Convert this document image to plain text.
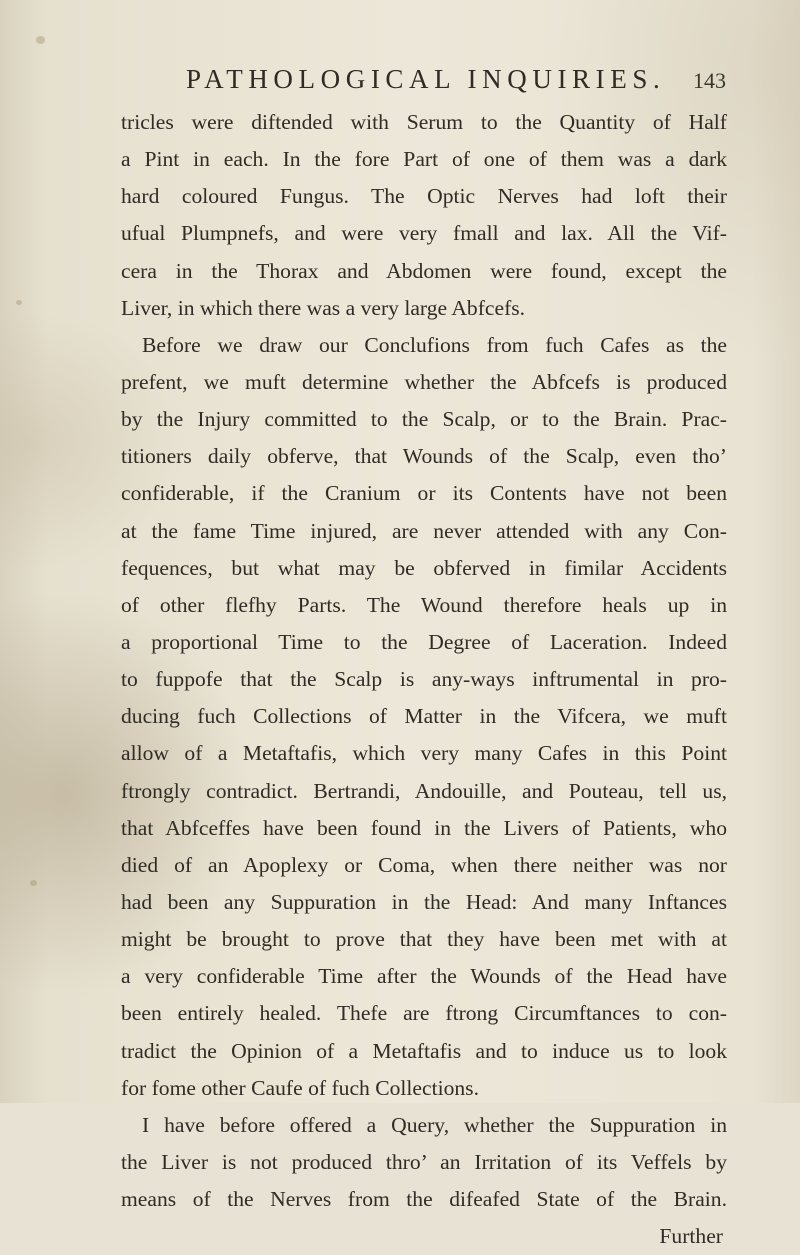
PATHOLOGICAL INQUIRIES. 143
tricles were diftended with Serum to the Quantity of Half
a Pint in each. In the fore Part of one of them was a dark
hard coloured Fungus. The Optic Nerves had loft their
ufual Plumpnefs, and were very fmall and lax. All the Vif-
cera in the Thorax and Abdomen were found, except the
Liver, in which there was a very large Abfcefs.
Before we draw our Conclufions from fuch Cafes as the
prefent, we muft determine whether the Abfcefs is produced
by the Injury committed to the Scalp, or to the Brain. Prac-
titioners daily obferve, that Wounds of the Scalp, even tho’
confiderable, if the Cranium or its Contents have not been
at the fame Time injured, are never attended with any Con-
fequences, but what may be obferved in fimilar Accidents
of other flefhy Parts. The Wound therefore heals up in
a proportional Time to the Degree of Laceration. Indeed
to fuppofe that the Scalp is any-ways inftrumental in pro-
ducing fuch Collections of Matter in the Vifcera, we muft
allow of a Metaftafis, which very many Cafes in this Point
ftrongly contradict. Bertrandi, Andouille, and Pouteau, tell us,
that Abfceffes have been found in the Livers of Patients, who
died of an Apoplexy or Coma, when there neither was nor
had been any Suppuration in the Head: And many Inftances
might be brought to prove that they have been met with at
a very confiderable Time after the Wounds of the Head have
been entirely healed. Thefe are ftrong Circumftances to con-
tradict the Opinion of a Metaftafis and to induce us to look
for fome other Caufe of fuch Collections.
I have before offered a Query, whether the Suppuration in
the Liver is not produced thro’ an Irritation of its Veffels by
means of the Nerves from the difeafed State of the Brain.
Further
